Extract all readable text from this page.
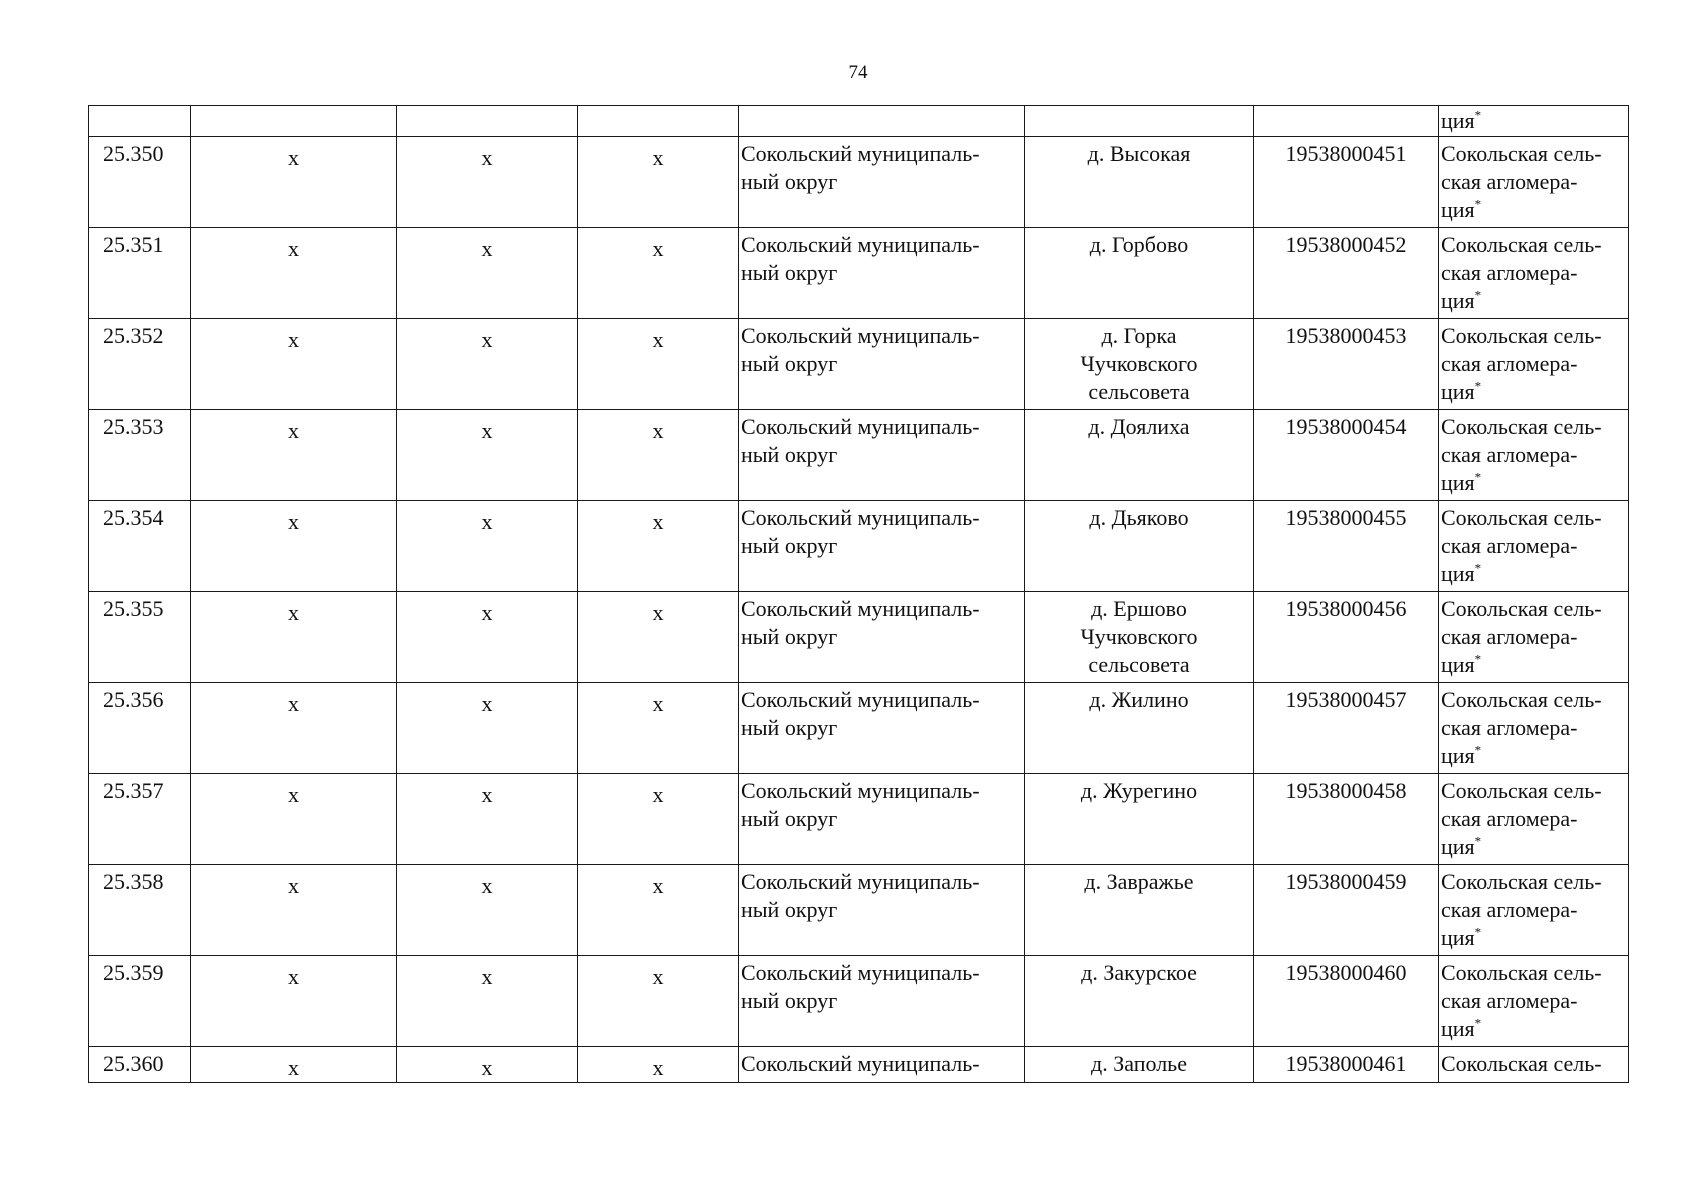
74

							ция*

25.350	x	x	x	Сокольский муниципаль-
ный округ	д. Высокая	19538000451	Сокольская сель-
ская агломера-
ция*

25.351	x	x	x	Сокольский муниципаль-
ный округ	д. Горбово	19538000452	Сокольская сель-
ская агломера-
ция*

25.352	x	x	x	Сокольский муниципаль-
ный округ	д. Горка
Чучковского
сельсовета	19538000453	Сокольская сель-
ская агломера-
ция*

25.353	x	x	x	Сокольский муниципаль-
ный округ	д. Доялиха	19538000454	Сокольская сель-
ская агломера-
ция*

25.354	x	x	x	Сокольский муниципаль-
ный округ	д. Дьяково	19538000455	Сокольская сель-
ская агломера-
ция*

25.355	x	x	x	Сокольский муниципаль-
ный округ	д. Ершово
Чучковского
сельсовета	19538000456	Сокольская сель-
ская агломера-
ция*

25.356	x	x	x	Сокольский муниципаль-
ный округ	д. Жилино	19538000457	Сокольская сель-
ская агломера-
ция*

25.357	x	x	x	Сокольский муниципаль-
ный округ	д. Журегино	19538000458	Сокольская сель-
ская агломера-
ция*

25.358	x	x	x	Сокольский муниципаль-
ный округ	д. Завражье	19538000459	Сокольская сель-
ская агломера-
ция*

25.359	x	x	x	Сокольский муниципаль-
ный округ	д. Закурское	19538000460	Сокольская сель-
ская агломера-
ция*

25.360	x	x	x	Сокольский муниципаль-	д. Заполье	19538000461	Сокольская сель-
